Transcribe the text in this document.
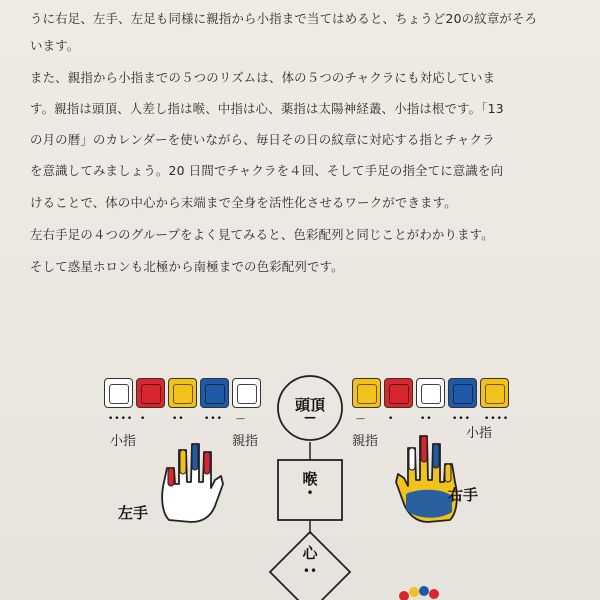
うに右足、左手、左足も同様に親指から小指まで当てはめると、ちょうど20の紋章がそろ
います。
また、親指から小指までの５つのリズムは、体の５つのチャクラにも対応していま
す。親指は頭頂、人差し指は喉、中指は心、薬指は太陽神経叢、小指は根です。「13
の月の暦」のカレンダーを使いながら、毎日その日の紋章に対応する指とチャクラ
を意識してみましょう。20 日間でチャクラを４回、そして手足の指全てに意識を向
けることで、体の中心から末端まで全身を活性化させるワークができます。
左右手足の４つのグループをよく見てみると、色彩配列と同じことがわかります。
そして惑星ホロンも北極から南極までの色彩配列です。
•••• •	•• ••• —
小指	親指
左手
頭頂
—
喉
•
心
••
— •	•• ••• ••••
親指
小指
右手
